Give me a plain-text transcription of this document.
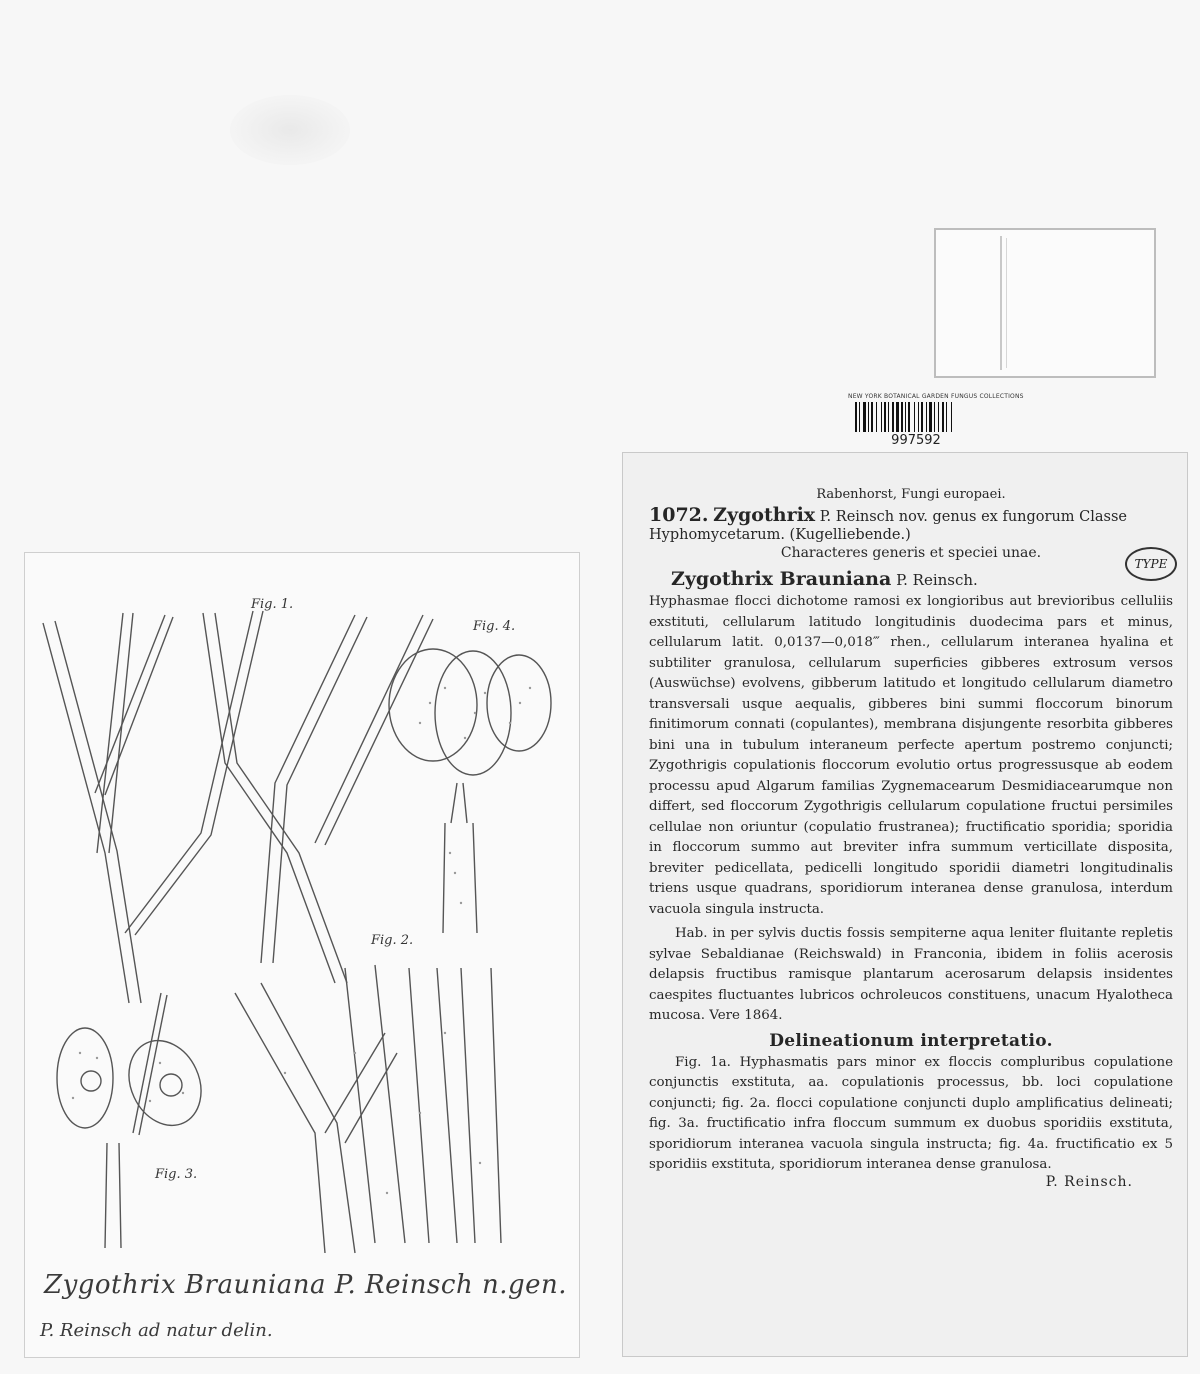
NEW YORK BOTANICAL GARDEN FUNGUS COLLECTIONS
997592
Fig. 1.
Fig. 4.
Fig. 2.
Fig. 3.
Zygothrix Brauniana P. Reinsch n.gen.
P. Reinsch ad natur delin.
Rabenhorst, Fungi europaei.
1072. Zygothrix P. Reinsch nov. genus ex fungorum Classe Hyphomycetarum. (Kugelliebende.)
Characteres generis et speciei unae.
Zygothrix Brauniana P. Reinsch.
TYPE
Hyphasmae flocci dichotome ramosi ex longioribus aut brevioribus celluliis exstituti, cellularum latitudo longitudinis duodecima pars et minus, cellularum latit. 0,0137—0,018‴ rhen., cellularum interanea hyalina et subtiliter granulosa, cellularum superficies gibberes extrosum versos (Auswüchse) evolvens, gibberum latitudo et longitudo cellularum diametro transversali usque aequalis, gibberes bini summi floccorum binorum finitimorum connati (copulantes), membrana disjungente resorbita gibberes bini una in tubulum interaneum perfecte apertum postremo conjuncti; Zygothrigis copulationis floccorum evolutio ortus progressusque ab eodem processu apud Algarum familias Zygnemacearum Desmidiacearumque non differt, sed floccorum Zygothrigis cellularum copulatione fructui persimiles cellulae non oriuntur (copulatio frustranea); fructificatio sporidia; sporidia in floccorum summo aut breviter infra summum verticillate disposita, breviter pedicellata, pedicelli longitudo sporidii diametri longitudinalis triens usque quadrans, sporidiorum interanea dense granulosa, interdum vacuola singula instructa.
Hab. in per sylvis ductis fossis sempiterne aqua leniter fluitante repletis sylvae Sebaldianae (Reichswald) in Franconia, ibidem in foliis acerosis delapsis fructibus ramisque plantarum acerosarum delapsis insidentes caespites fluctuantes lubricos ochroleucos constituens, unacum Hyalotheca mucosa. Vere 1864.
Delineationum interpretatio.
Fig. 1a. Hyphasmatis pars minor ex floccis compluribus copulatione conjunctis exstituta, aa. copulationis processus, bb. loci copulatione conjuncti; fig. 2a. flocci copulatione conjuncti duplo amplificatius delineati; fig. 3a. fructificatio infra floccum summum ex duobus sporidiis exstituta, sporidiorum interanea vacuola singula instructa; fig. 4a. fructificatio ex 5 sporidiis exstituta, sporidiorum interanea dense granulosa.
P. Reinsch.
